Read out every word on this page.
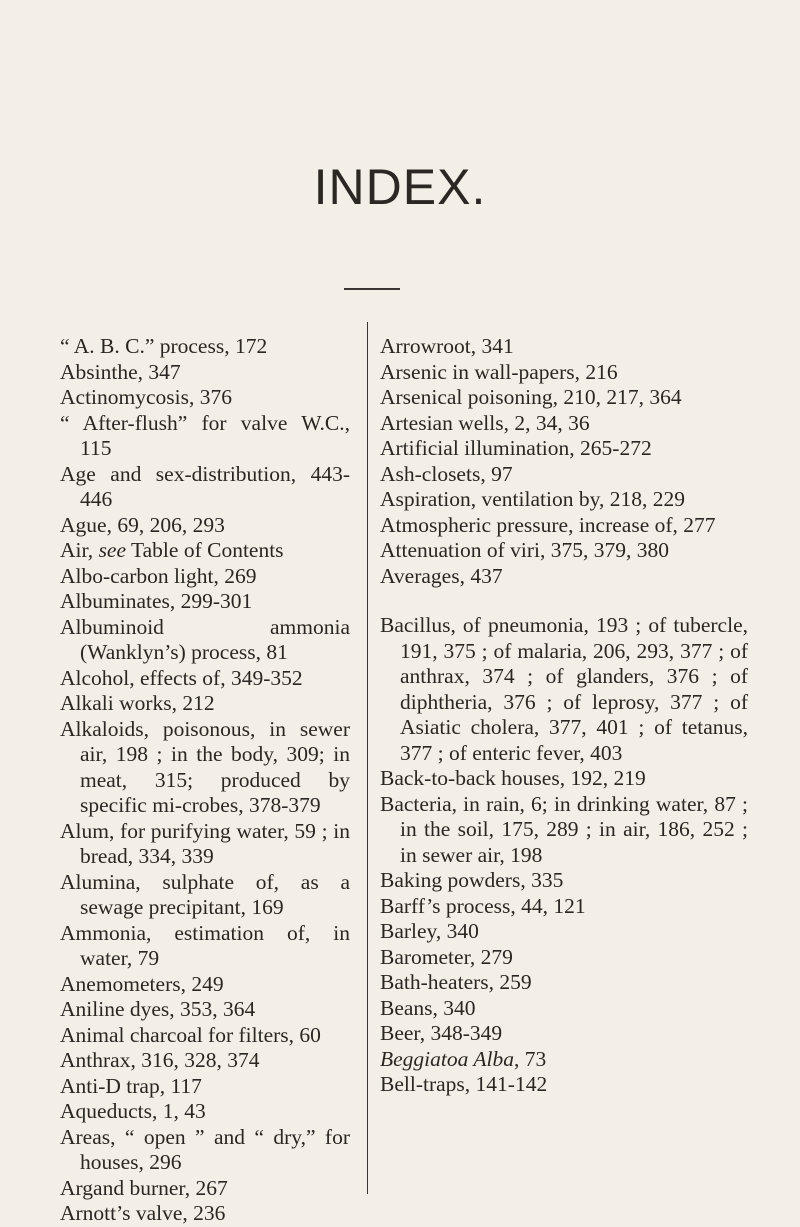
INDEX.
“ A. B. C.” process, 172
Absinthe, 347
Actinomycosis, 376
“ After-flush” for valve W.C., 115
Age and sex-distribution, 443-446
Ague, 69, 206, 293
Air, see Table of Contents
Albo-carbon light, 269
Albuminates, 299-301
Albuminoid ammonia (Wanklyn’s) process, 81
Alcohol, effects of, 349-352
Alkali works, 212
Alkaloids, poisonous, in sewer air, 198 ; in the body, 309; in meat, 315; produced by specific mi-crobes, 378-379
Alum, for purifying water, 59 ; in bread, 334, 339
Alumina, sulphate of, as a sewage precipitant, 169
Ammonia, estimation of, in water, 79
Anemometers, 249
Aniline dyes, 353, 364
Animal charcoal for filters, 60
Anthrax, 316, 328, 374
Anti-D trap, 117
Aqueducts, 1, 43
Areas, “ open ” and “ dry,” for houses, 296
Argand burner, 267
Arnott’s valve, 236
Arrowroot, 341
Arsenic in wall-papers, 216
Arsenical poisoning, 210, 217, 364
Artesian wells, 2, 34, 36
Artificial illumination, 265-272
Ash-closets, 97
Aspiration, ventilation by, 218, 229
Atmospheric pressure, increase of, 277
Attenuation of viri, 375, 379, 380
Averages, 437
Bacillus, of pneumonia, 193 ; of tubercle, 191, 375 ; of malaria, 206, 293, 377 ; of anthrax, 374 ; of glanders, 376 ; of diphtheria, 376 ; of leprosy, 377 ; of Asiatic cholera, 377, 401 ; of tetanus, 377 ; of enteric fever, 403
Back-to-back houses, 192, 219
Bacteria, in rain, 6; in drinking water, 87 ; in the soil, 175, 289 ; in air, 186, 252 ; in sewer air, 198
Baking powders, 335
Barff’s process, 44, 121
Barley, 340
Barometer, 279
Bath-heaters, 259
Beans, 340
Beer, 348-349
Beggiatoa Alba, 73
Bell-traps, 141-142
